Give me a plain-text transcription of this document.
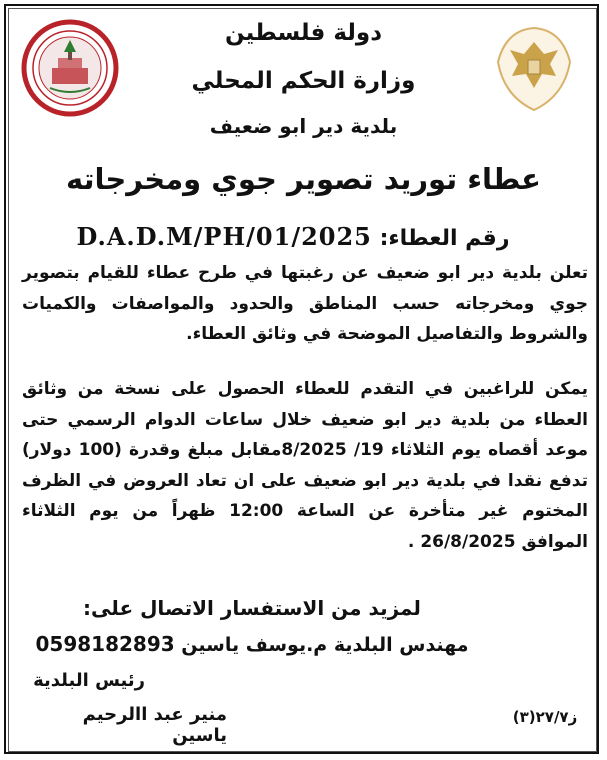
دولة فلسطين
وزارة الحكم المحلي
بلدية دير ابو ضعيف
عطاء توريد تصوير جوي ومخرجاته
رقم العطاء: D.A.D.M/PH/01/2025
تعلن بلدية دير ابو ضعيف عن رغبتها في طرح عطاء للقيام بتصوير جوي ومخرجاته حسب المناطق والحدود والمواصفات والكميات والشروط والتفاصيل الموضحة في وثائق العطاء.
يمكن للراغبين في التقدم للعطاء الحصول على نسخة من وثائق العطاء من بلدية دير ابو ضعيف خلال ساعات الدوام الرسمي حتى موعد أقصاه يوم الثلاثاء 19/ 8/2025مقابل مبلغ وقدرة (100 دولار) تدفع نقدا في بلدية دير ابو ضعيف على ان تعاد العروض في الظرف المختوم غير متأخرة عن الساعة 12:00 ظهراً من يوم الثلاثاء الموافق 26/8/2025 .
لمزيد من الاستفسار الاتصال على:
مهندس البلدية م.يوسف ياسين 0598182893
رئيس البلدية
منير عبد االرحيم ياسين
ز٢٧/٧(٣)
